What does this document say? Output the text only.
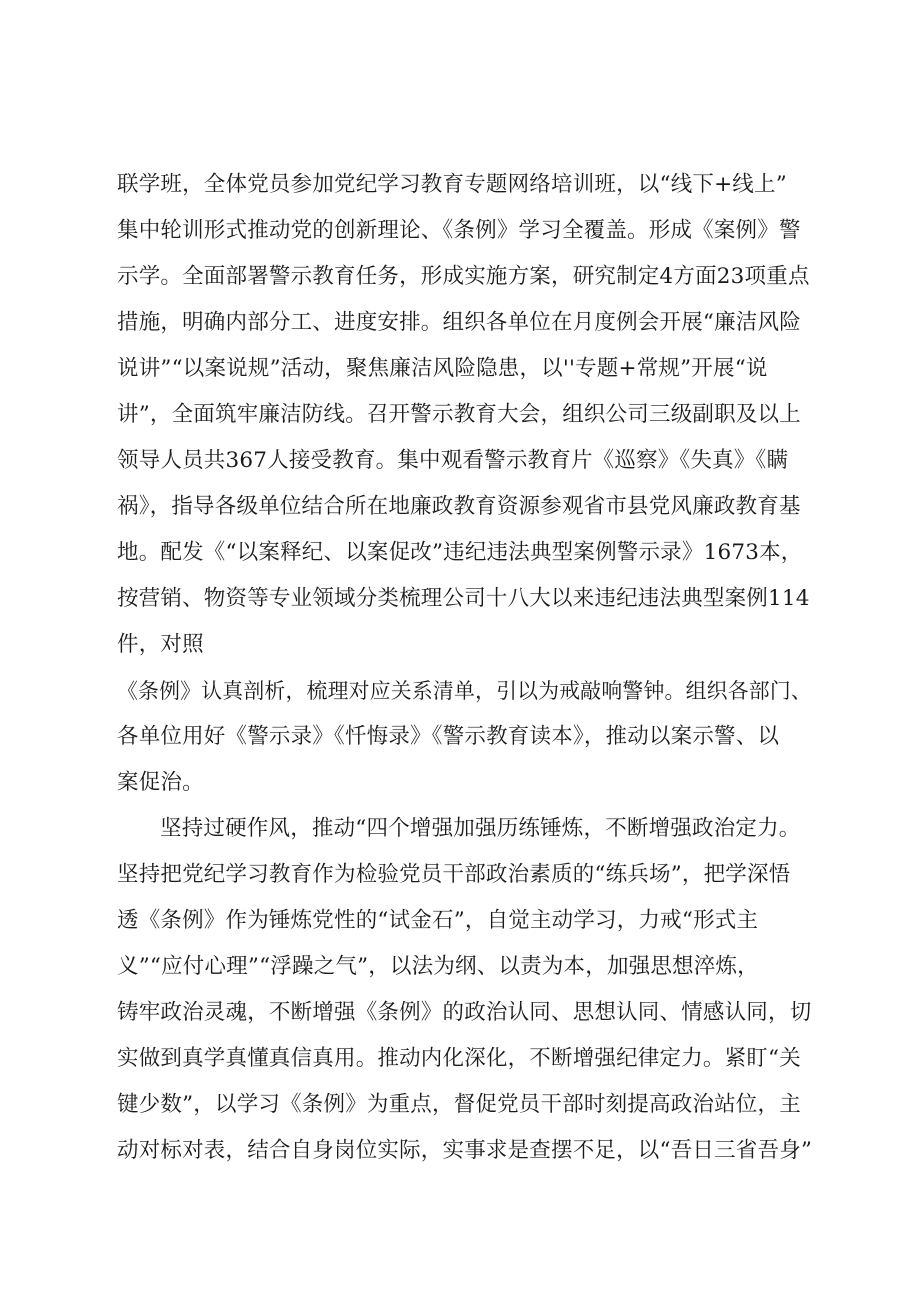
联学班，全体党员参加党纪学习教育专题网络培训班，以“线下+线上”
集中轮训形式推动党的创新理论、《条例》学习全覆盖。形成《案例》警
示学。全面部署警示教育任务，形成实施方案，研究制定4方面23项重点
措施，明确内部分工、进度安排。组织各单位在月度例会开展“廉洁风险
说讲”“以案说规”活动，聚焦廉洁风险隐患，以''专题+常规”开展“说
讲”，全面筑牢廉洁防线。召开警示教育大会，组织公司三级副职及以上
领导人员共367人接受教育。集中观看警示教育片《巡察》《失真》《瞒
祸》，指导各级单位结合所在地廉政教育资源参观省市县党风廉政教育基
地。配发《“以案释纪、以案促改”违纪违法典型案例警示录》1673本，
按营销、物资等专业领域分类梳理公司十八大以来违纪违法典型案例114
件，对照
《条例》认真剖析，梳理对应关系清单，引以为戒敲响警钟。组织各部门、
各单位用好《警示录》《忏悔录》《警示教育读本》，推动以案示警、以
案促治。
坚持过硬作风，推动“四个增强加强历练锤炼，不断增强政治定力。
坚持把党纪学习教育作为检验党员干部政治素质的“练兵场”，把学深悟
透《条例》作为锤炼党性的“试金石”，自觉主动学习，力戒“形式主
义”“应付心理”“浮躁之气”，以法为纲、以责为本，加强思想淬炼，
铸牢政治灵魂，不断增强《条例》的政治认同、思想认同、情感认同，切
实做到真学真懂真信真用。推动内化深化，不断增强纪律定力。紧盯“关
键少数”，以学习《条例》为重点，督促党员干部时刻提高政治站位，主
动对标对表，结合自身岗位实际，实事求是查摆不足，以“吾日三省吾身”
